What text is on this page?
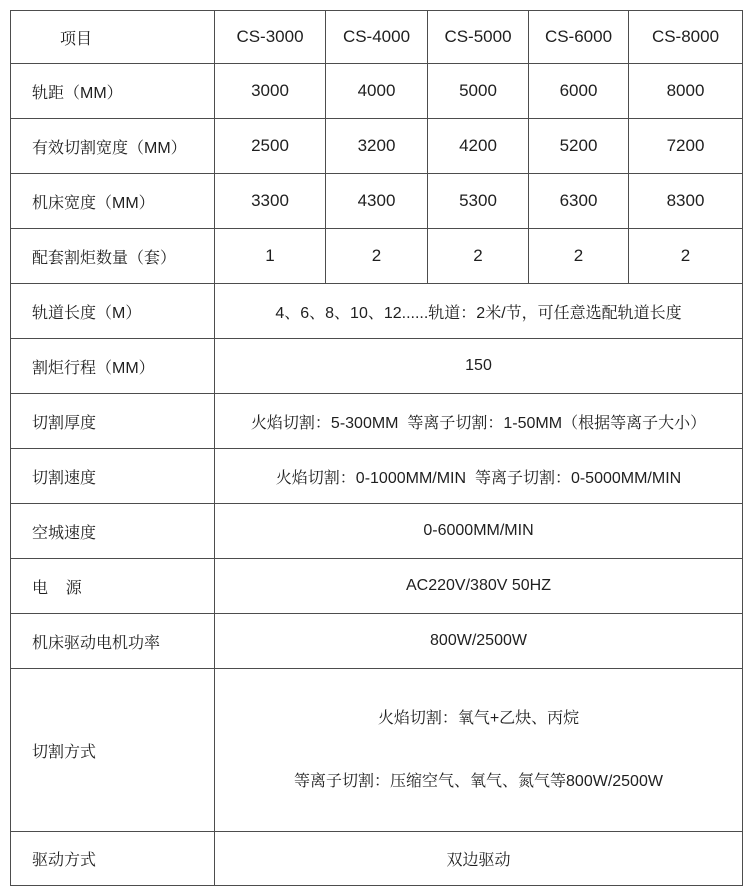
项目	CS-3000	CS-4000	CS-5000	CS-6000	CS-8000
轨距（MM）	3000	4000	5000	6000	8000
有效切割宽度（MM）	2500	3200	4200	5200	7200
机床宽度（MM）	3300	4300	5300	6300	8300
配套割炬数量（套）	1	2	2	2	2
轨道长度（M）	4、6、8、10、12......轨道：2米/节，可任意选配轨道长度				
割炬行程（MM）	150				
切割厚度	火焰切割：5-300MM  等离子切割：1-50MM（根据等离子大小）				
切割速度	火焰切割：0-1000MM/MIN  等离子切割：0-5000MM/MIN				
空城速度	0-6000MM/MIN				
电    源	AC220V/380V 50HZ				
机床驱动电机功率	800W/2500W				
切割方式	火焰切割：氧气+乙炔、丙烷

等离子切割：压缩空气、氧气、氮气等800W/2500W				

驱动方式	双边驱动				
